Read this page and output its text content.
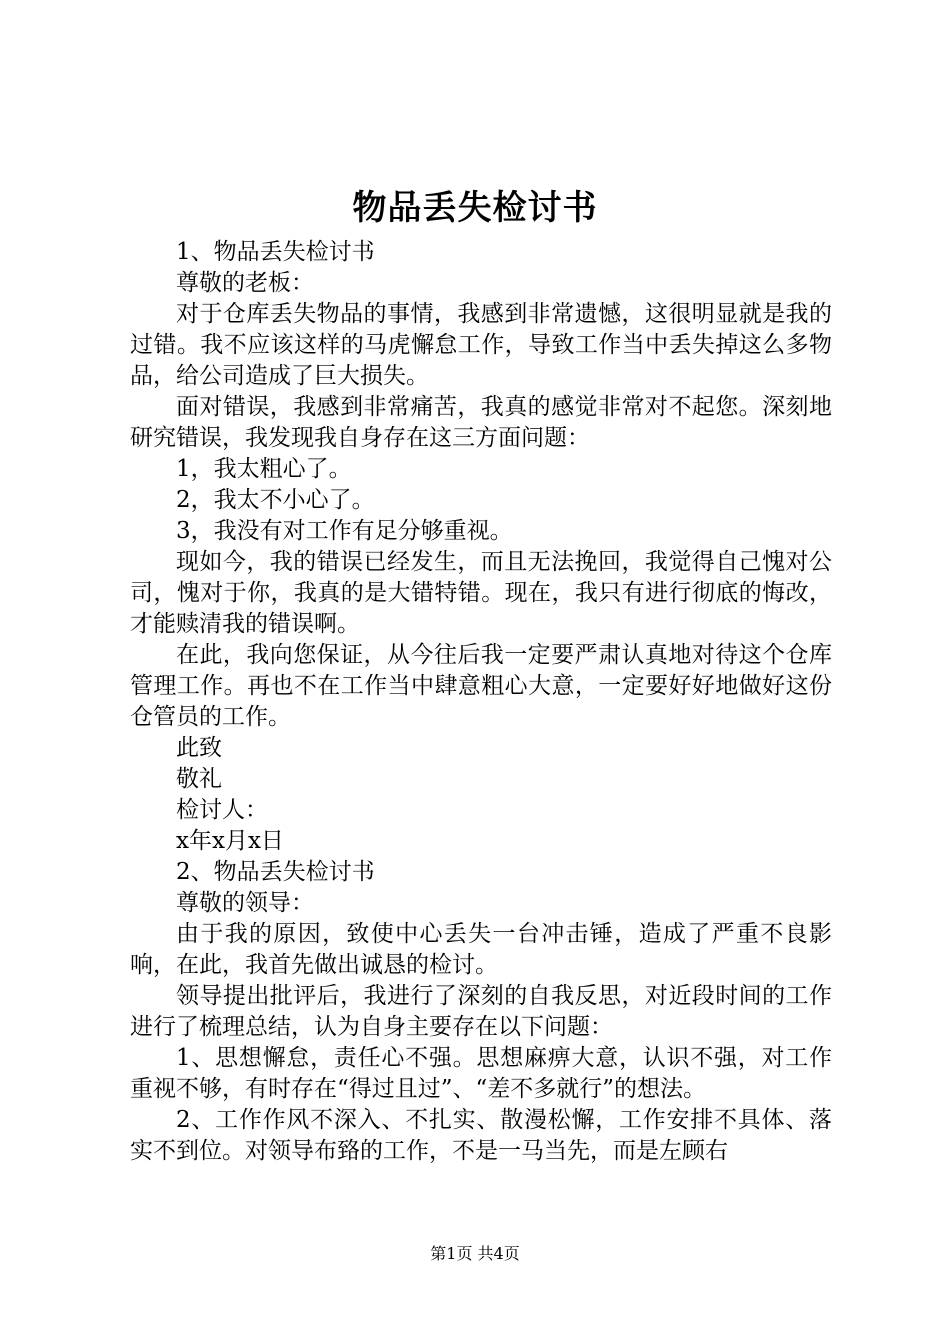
物品丢失检讨书

1、物品丢失检讨书

尊敬的老板：

对于仓库丢失物品的事情，我感到非常遗憾，这很明显就是我的过错。我不应该这样的马虎懈怠工作，导致工作当中丢失掉这么多物品，给公司造成了巨大损失。

面对错误，我感到非常痛苦，我真的感觉非常对不起您。深刻地研究错误，我发现我自身存在这三方面问题：

1，我太粗心了。

2，我太不小心了。

3，我没有对工作有足分够重视。

现如今，我的错误已经发生，而且无法挽回，我觉得自己愧对公司，愧对于你，我真的是大错特错。现在，我只有进行彻底的悔改，才能赎清我的错误啊。

在此，我向您保证，从今往后我一定要严肃认真地对待这个仓库管理工作。再也不在工作当中肆意粗心大意，一定要好好地做好这份仓管员的工作。

此致

敬礼

检讨人：

x年x月x日

2、物品丢失检讨书

尊敬的领导：

由于我的原因，致使中心丢失一台冲击锤，造成了严重不良影响，在此，我首先做出诚恳的检讨。

领导提出批评后，我进行了深刻的自我反思，对近段时间的工作进行了梳理总结，认为自身主要存在以下问题：

1、思想懈怠，责任心不强。思想麻痹大意，认识不强，对工作重视不够，有时存在“得过且过”、“差不多就行”的想法。

2、工作作风不深入、不扎实、散漫松懈，工作安排不具体、落实不到位。对领导布臵的工作，不是一马当先，而是左顾右

第1页 共4页
